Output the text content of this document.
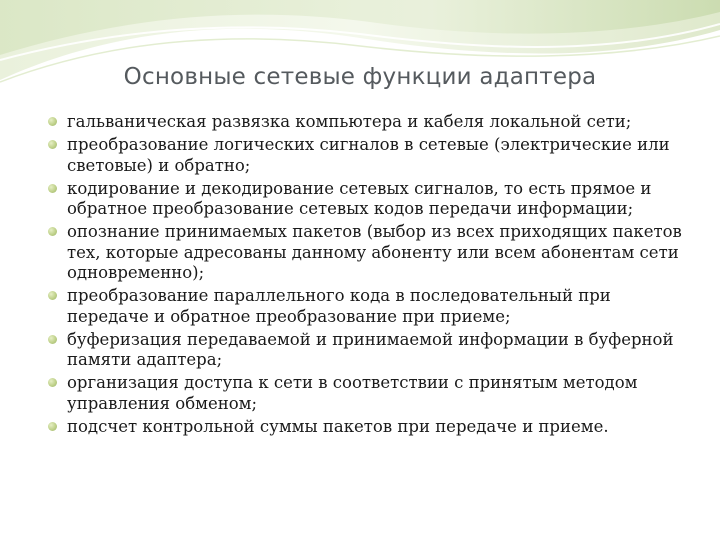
Основные сетевые функции адаптера
гальваническая развязка компьютера и кабеля локальной сети;
преобразование логических сигналов в сетевые (электрические или световые) и обратно;
кодирование и декодирование сетевых сигналов, то есть прямое и обратное преобразование сетевых кодов передачи информации;
опознание принимаемых пакетов (выбор из всех приходящих пакетов тех, которые адресованы данному абоненту или всем абонентам сети одновременно);
преобразование параллельного кода в последовательный при передаче и обратное преобразование при приеме;
буферизация передаваемой и принимаемой информации в буферной памяти адаптера;
организация доступа к сети в соответствии с принятым методом управления обменом;
подсчет контрольной суммы пакетов при передаче и приеме.
